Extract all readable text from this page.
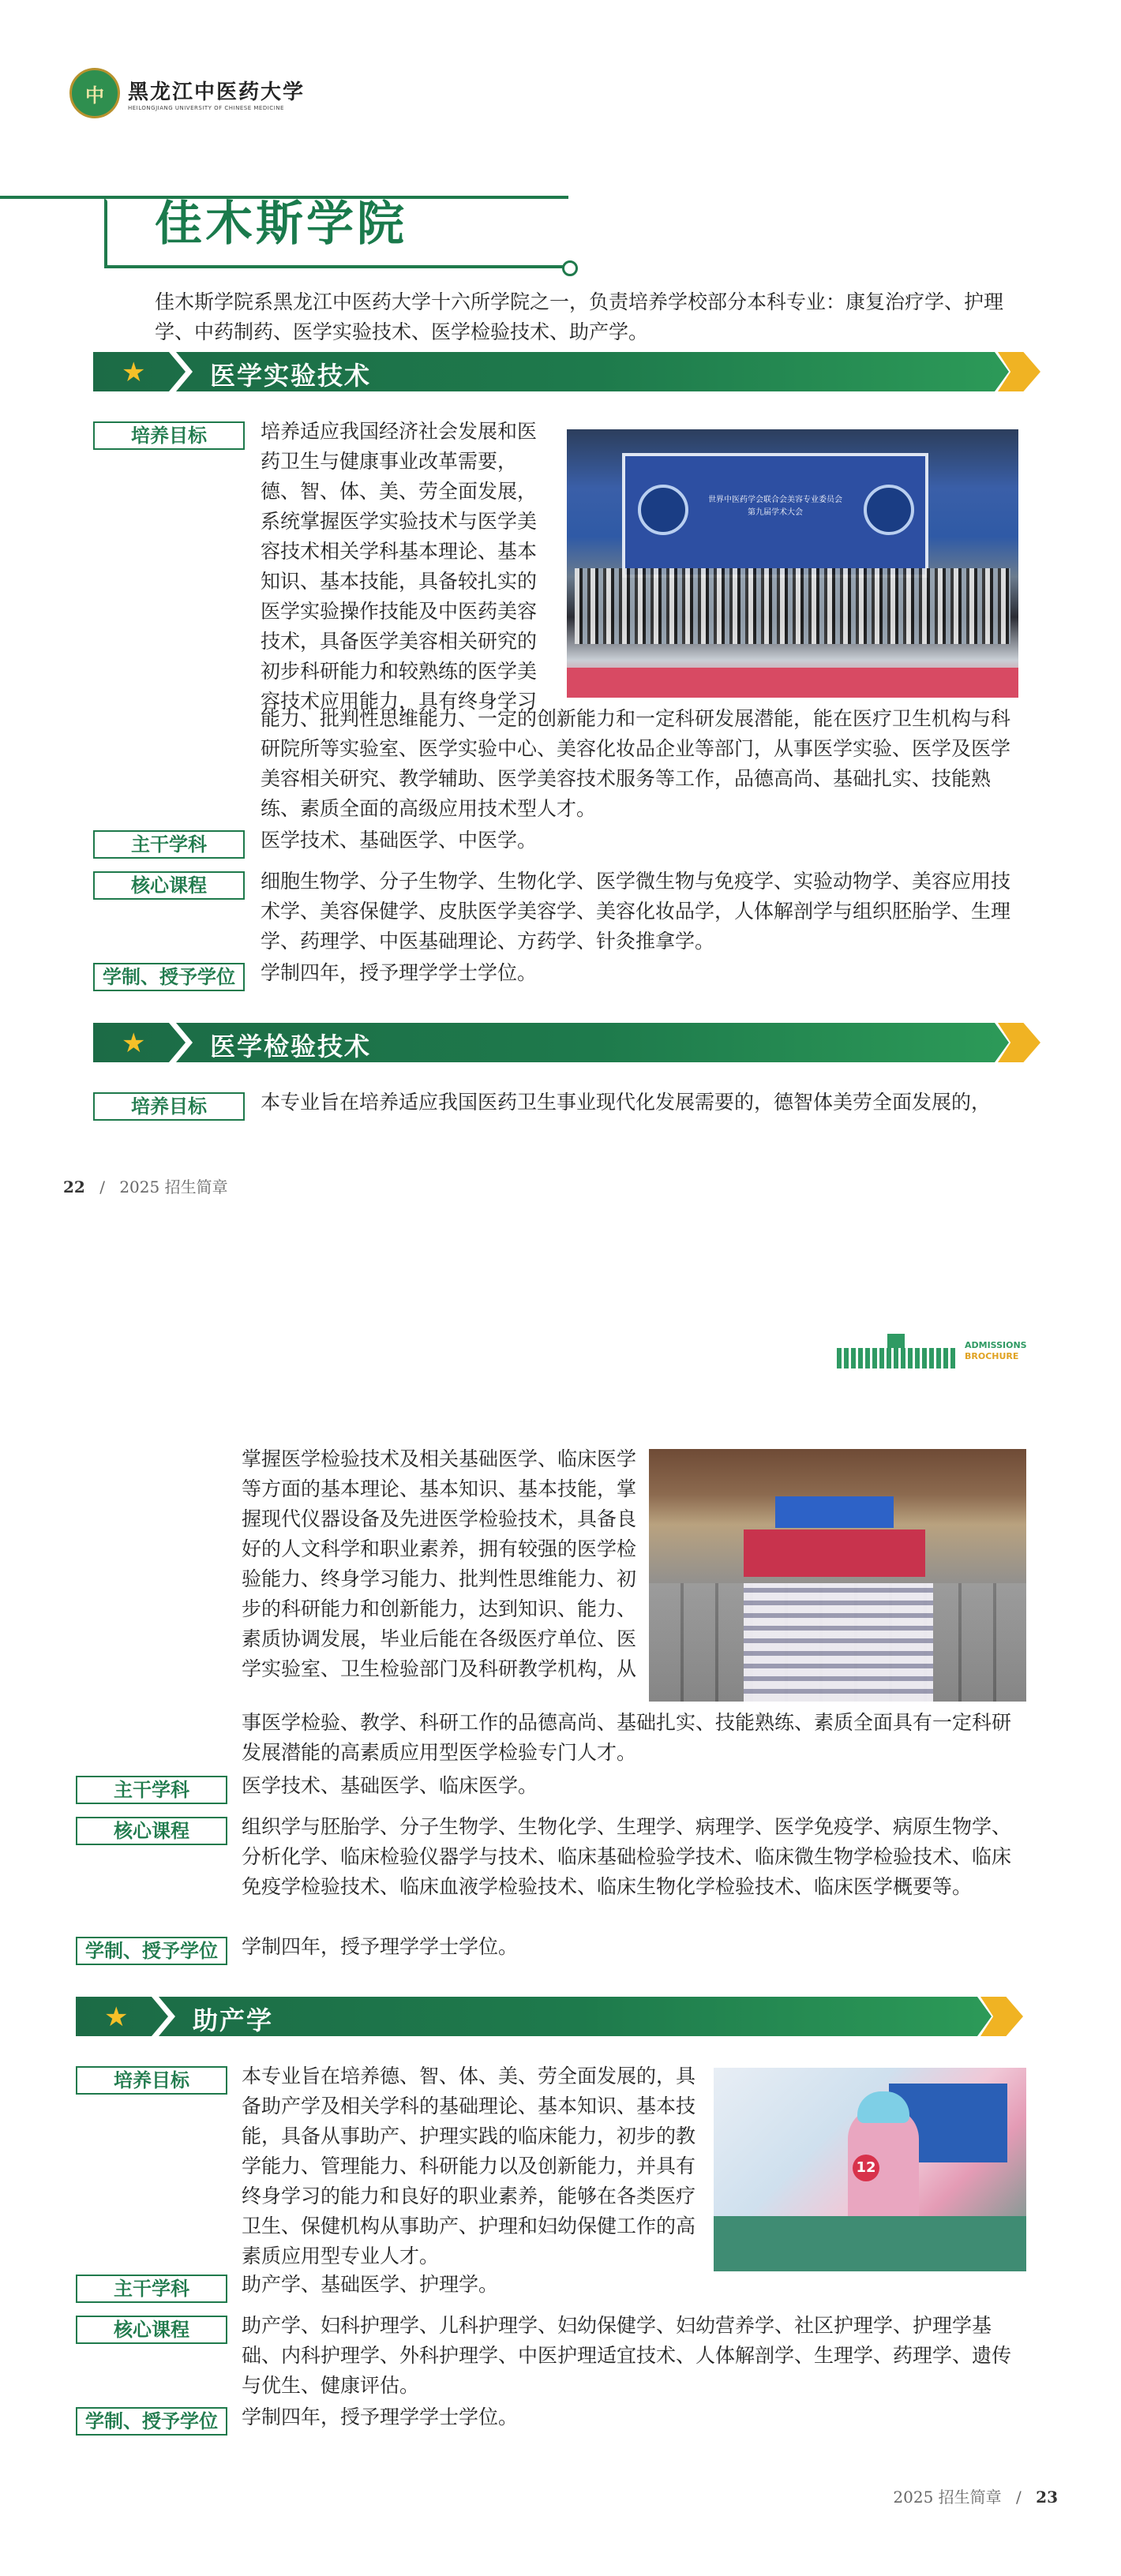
中	黑龙江中医药大学
HEILONGJIANG UNIVERSITY OF CHINESE MEDICINE
佳木斯学院
佳木斯学院系黑龙江中医药大学十六所学院之一，负责培养学校部分本科专业：康复治疗学、护理学、中药制药、医学实验技术、医学检验技术、助产学。
★	医学实验技术
培养目标	培养适应我国经济社会发展和医药卫生与健康事业改革需要，德、智、体、美、劳全面发展，系统掌握医学实验技术与医学美容技术相关学科基本理论、基本知识、基本技能，具备较扎实的医学实验操作技能及中医药美容技术，具备医学美容相关研究的初步科研能力和较熟练的医学美容技术应用能力，具有终身学习
世界中医药学会联合会美容专业委员会
第九届学术大会
能力、批判性思维能力、一定的创新能力和一定科研发展潜能，能在医疗卫生机构与科研院所等实验室、医学实验中心、美容化妆品企业等部门，从事医学实验、医学及医学美容相关研究、教学辅助、医学美容技术服务等工作，品德高尚、基础扎实、技能熟练、素质全面的高级应用技术型人才。
主干学科	医学技术、基础医学、中医学。
核心课程	细胞生物学、分子生物学、生物化学、医学微生物与免疫学、实验动物学、美容应用技术学、美容保健学、皮肤医学美容学、美容化妆品学，人体解剖学与组织胚胎学、生理学、药理学、中医基础理论、方药学、针灸推拿学。
学制、授予学位	学制四年，授予理学学士学位。
★	医学检验技术
培养目标	本专业旨在培养适应我国医药卫生事业现代化发展需要的，德智体美劳全面发展的，
22 / 2025 招生简章
ADMISSIONS
BROCHURE
掌握医学检验技术及相关基础医学、临床医学等方面的基本理论、基本知识、基本技能，掌握现代仪器设备及先进医学检验技术，具备良好的人文科学和职业素养，拥有较强的医学检验能力、终身学习能力、批判性思维能力、初步的科研能力和创新能力，达到知识、能力、素质协调发展，毕业后能在各级医疗单位、医学实验室、卫生检验部门及科研教学机构，从
事医学检验、教学、科研工作的品德高尚、基础扎实、技能熟练、素质全面具有一定科研发展潜能的高素质应用型医学检验专门人才。
主干学科	医学技术、基础医学、临床医学。
核心课程	组织学与胚胎学、分子生物学、生物化学、生理学、病理学、医学免疫学、病原生物学、分析化学、临床检验仪器学与技术、临床基础检验学技术、临床微生物学检验技术、临床免疫学检验技术、临床血液学检验技术、临床生物化学检验技术、临床医学概要等。
学制、授予学位	学制四年，授予理学学士学位。
★	助产学
培养目标	本专业旨在培养德、智、体、美、劳全面发展的，具备助产学及相关学科的基础理论、基本知识、基本技能，具备从事助产、护理实践的临床能力，初步的教学能力、管理能力、科研能力以及创新能力，并具有终身学习的能力和良好的职业素养，能够在各类医疗卫生、保健机构从事助产、护理和妇幼保健工作的高素质应用型专业人才。
12
主干学科	助产学、基础医学、护理学。
核心课程	助产学、妇科护理学、儿科护理学、妇幼保健学、妇幼营养学、社区护理学、护理学基础、内科护理学、外科护理学、中医护理适宜技术、人体解剖学、生理学、药理学、遗传与优生、健康评估。
学制、授予学位	学制四年，授予理学学士学位。
2025 招生简章 / 23
